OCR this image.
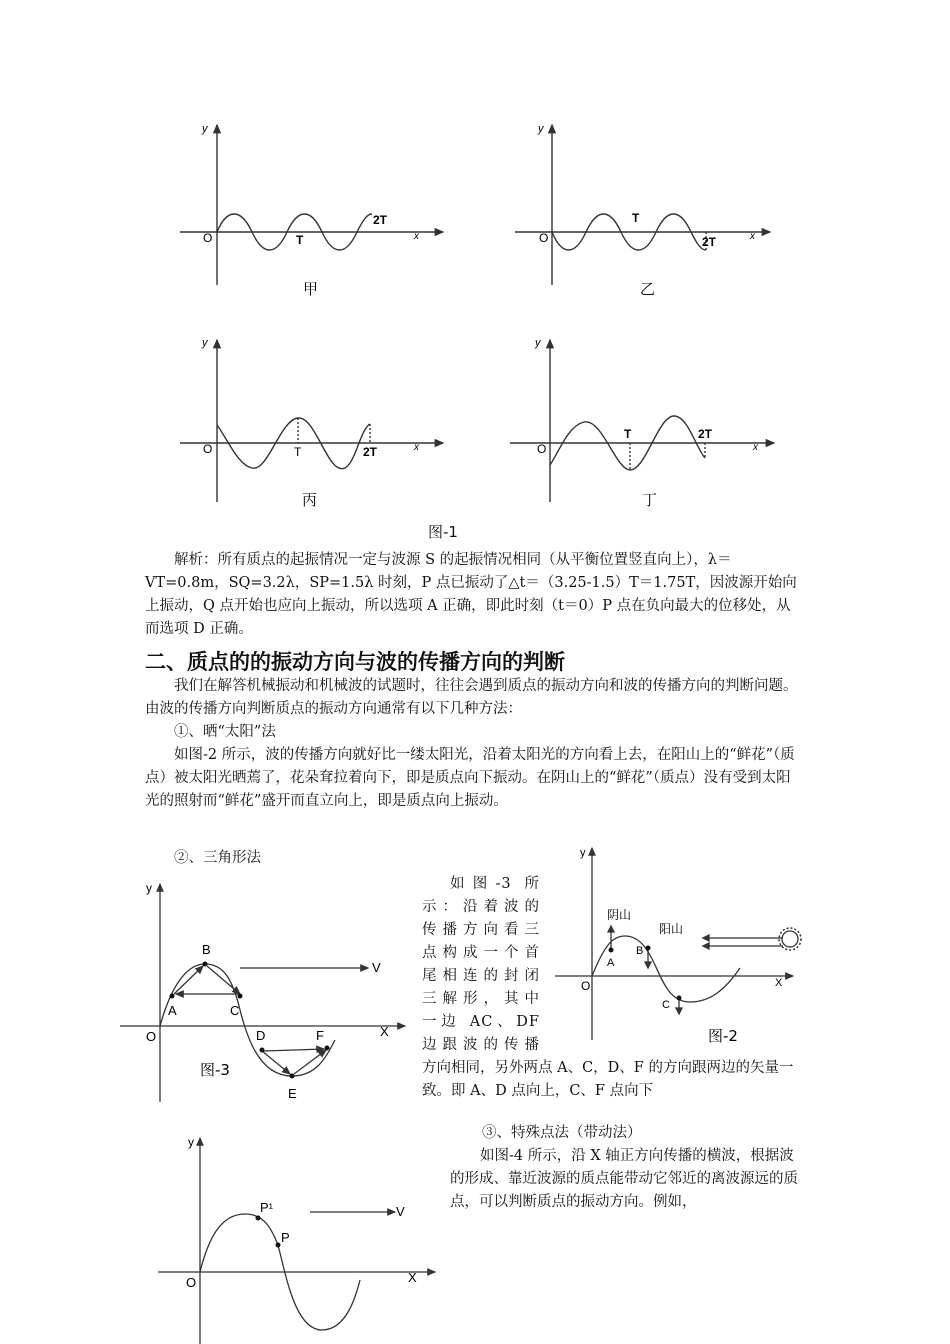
y
O	x
T
2T
甲
y
O	x
T
2T
乙
y
O	x
T	2T
丙
y
O	x
T	2T
丁
图-1

解析：所有质点的起振情况一定与波源 S 的起振情况相同（从平衡位置竖直向上），λ＝VT=0.8m，SQ=3.2λ，SP=1.5λ 时刻，P 点已振动了△t＝（3.25-1.5）T＝1.75T，因波源开始向上振动，Q 点开始也应向上振动，所以选项 A 正确，即此时刻（t＝0）P 点在负向最大的位移处，从而选项 D 正确。

二、质点的的振动方向与波的传播方向的判断

我们在解答机械振动和机械波的试题时，往往会遇到质点的振动方向和波的传播方向的判断问题。由波的传播方向判断质点的振动方向通常有以下几种方法：

①、晒“太阳”法

如图-2 所示，波的传播方向就好比一缕太阳光，沿着太阳光的方向看上去，在阳山上的“鲜花”（质点）被太阳光晒蔫了，花朵耷拉着向下，即是质点向下振动。在阴山上的“鲜花”（质点）没有受到太阳光的照射而“鲜花”盛开而直立向上，即是质点向上振动。

②、三角形法

如图-3 所
示：沿着波的
传播方向看三
点构成一个首
尾相连的封闭
三解形，其中
一边 AC、DF
边跟波的传播

方向相同，另外两点 A、C，D、F 的方向跟两边的矢量一致。即 A、D 点向上，C、F 点向下

③、特殊点法（带动法）

如图-4 所示，沿 X 轴正方向传播的横波，根据波的形成、靠近波源的质点能带动它邻近的离波源远的质点，可以判断质点的振动方向。例如，

y
O	X
阴山
阳山
A
B
C
图-2
y
O	X
B
A	C
D	F
E
V
图-3
y
O	X
P¹
P
V
